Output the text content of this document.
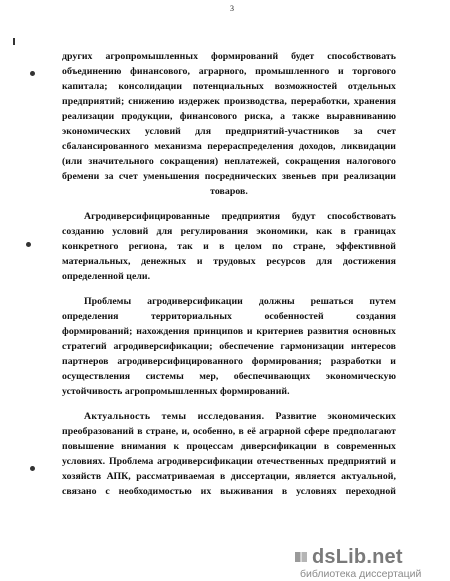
3
других агропромышленных формирований будет способствовать
объединению финансового, аграрного, промышленного и торгового
капитала; консолидации потенциальных возможностей отдельных
предприятий; снижению издержек производства, переработки, хранения
реализации продукции, финансового риска, а также выравниванию
экономических условий для предприятий-участников за счет
сбалансированного механизма перераспределения доходов, ликвидации
(или значительного сокращения) неплатежей, сокращения налогового
бремени за счет уменьшения посреднических звеньев при реализации
товаров.
Агродиверсифицированные предприятия будут способствовать
созданию условий для регулирования экономики, как в границах
конкретного региона, так и в целом по стране, эффективной
материальных, денежных и трудовых ресурсов для достижения
определенной цели.
Проблемы агродиверсификации должны решаться путем
определения территориальных особенностей создания
формирований; нахождения принципов и критериев развития основных
стратегий агродиверсификации; обеспечение гармонизации интересов
партнеров агродиверсифицированного формирования; разработки и
осуществления системы мер, обеспечивающих экономическую
устойчивость агропромышленных формирований.
Актуальность темы исследования. Развитие экономических
преобразований в стране, и, особенно, в её аграрной сфере предполагают
повышение внимания к процессам диверсификации в современных
условиях. Проблема агродиверсификации отечественных предприятий и
хозяйств АПК, рассматриваемая в диссертации, является актуальной,
связано с необходимостью их выживания в условиях переходной
dsLib.net
библиотека диссертаций
